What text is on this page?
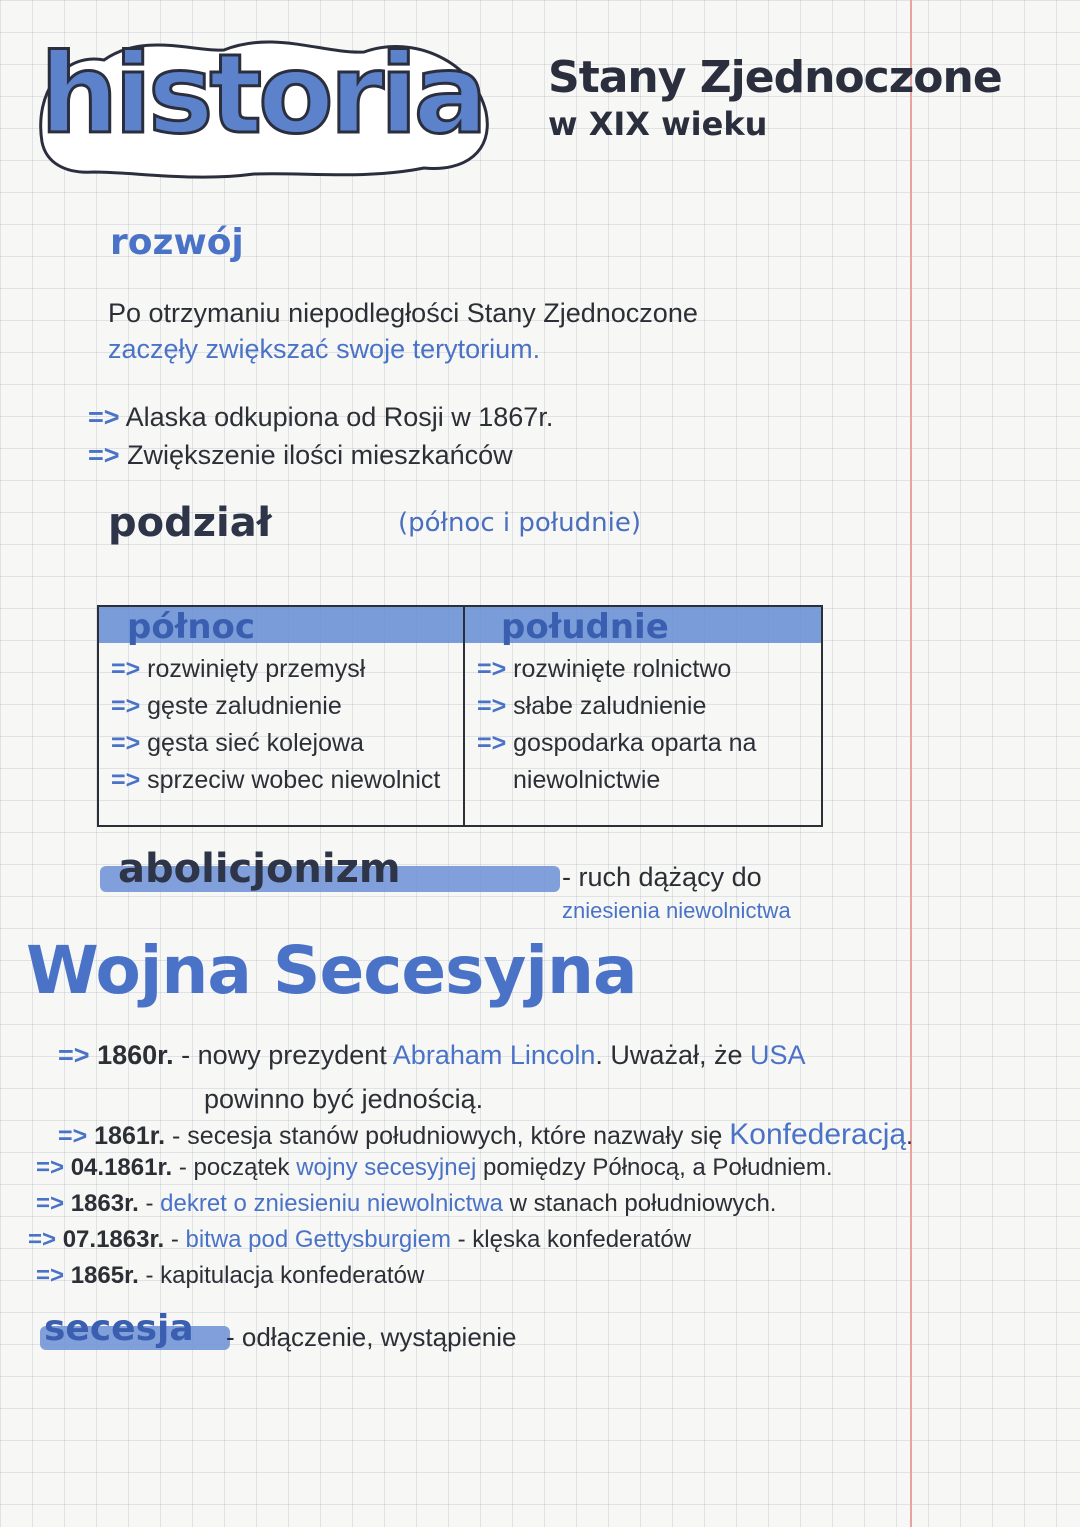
historia Stany Zjednoczone
w XIX wieku
rozwój
Po otrzymaniu niepodległości Stany Zjednoczone
zaczęły zwiększać swoje terytorium.
=> Alaska odkupiona od Rosji w 1867r.
=> Zwiększenie ilości mieszkańców
podział	(północ i południe)
północ
=> rozwinięty przemysł
=> gęste zaludnienie
=> gęsta sieć kolejowa
=> sprzeciw wobec niewolnict
południe
=> rozwinięte rolnictwo
=> słabe zaludnienie
=> gospodarka oparta na
niewolnictwie
abolicjonizm	- ruch dążący do
zniesienia niewolnictwa
Wojna Secesyjna
=> 1860r. - nowy prezydent Abraham Lincoln. Uważał, że USA
powinno być jednością.
=> 1861r. - secesja stanów południowych, które nazwały się Konfederacją.
=> 04.1861r. - początek wojny secesyjnej pomiędzy Północą, a Południem.
=> 1863r. - dekret o zniesieniu niewolnictwa w stanach południowych.
=> 07.1863r. - bitwa pod Gettysburgiem - klęska konfederatów
=> 1865r. - kapitulacja konfederatów
secesja - odłączenie, wystąpienie
